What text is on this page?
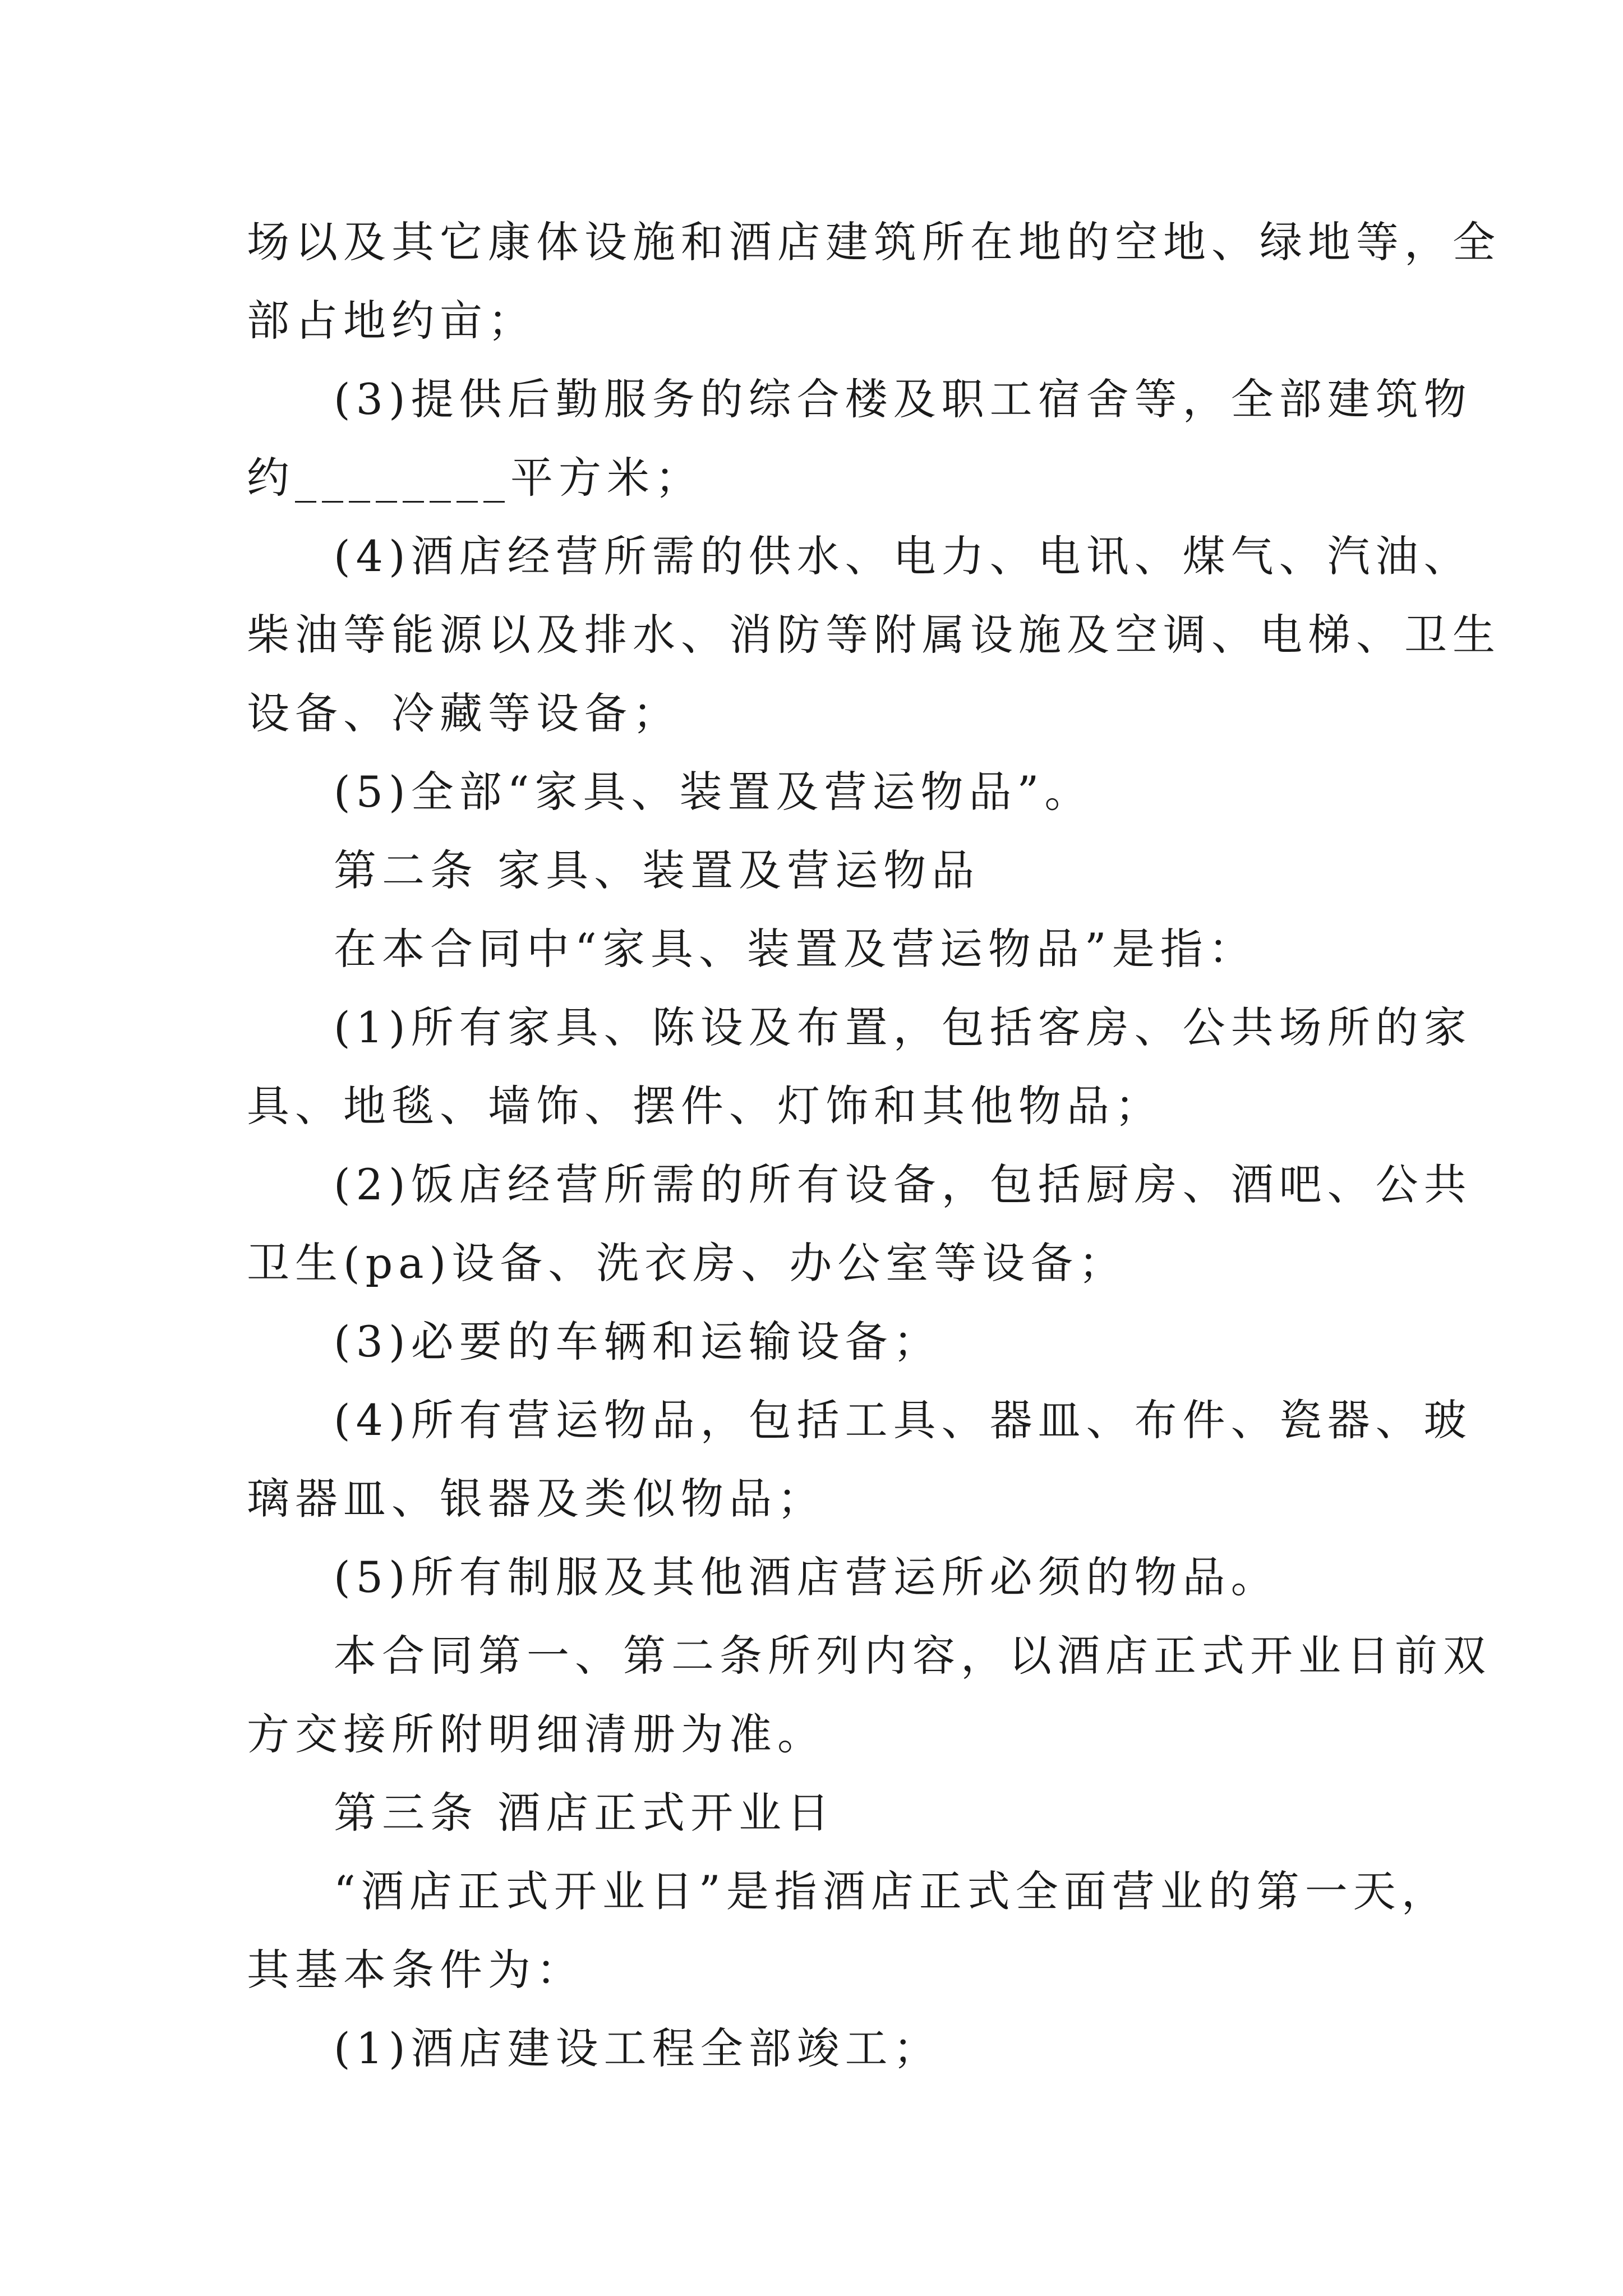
场以及其它康体设施和酒店建筑所在地的空地、绿地等，全
部占地约亩；
(3)提供后勤服务的综合楼及职工宿舍等，全部建筑物
约________平方米；
(4)酒店经营所需的供水、电力、电讯、煤气、汽油、
柴油等能源以及排水、消防等附属设施及空调、电梯、卫生
设备、冷藏等设备；
(5)全部“家具、装置及营运物品”。
第二条 家具、装置及营运物品
在本合同中“家具、装置及营运物品”是指：
(1)所有家具、陈设及布置，包括客房、公共场所的家
具、地毯、墙饰、摆件、灯饰和其他物品；
(2)饭店经营所需的所有设备，包括厨房、酒吧、公共
卫生(pa)设备、洗衣房、办公室等设备；
(3)必要的车辆和运输设备；
(4)所有营运物品，包括工具、器皿、布件、瓷器、玻
璃器皿、银器及类似物品；
(5)所有制服及其他酒店营运所必须的物品。
本合同第一、第二条所列内容，以酒店正式开业日前双
方交接所附明细清册为准。
第三条 酒店正式开业日
“酒店正式开业日”是指酒店正式全面营业的第一天，
其基本条件为：
(1)酒店建设工程全部竣工；
